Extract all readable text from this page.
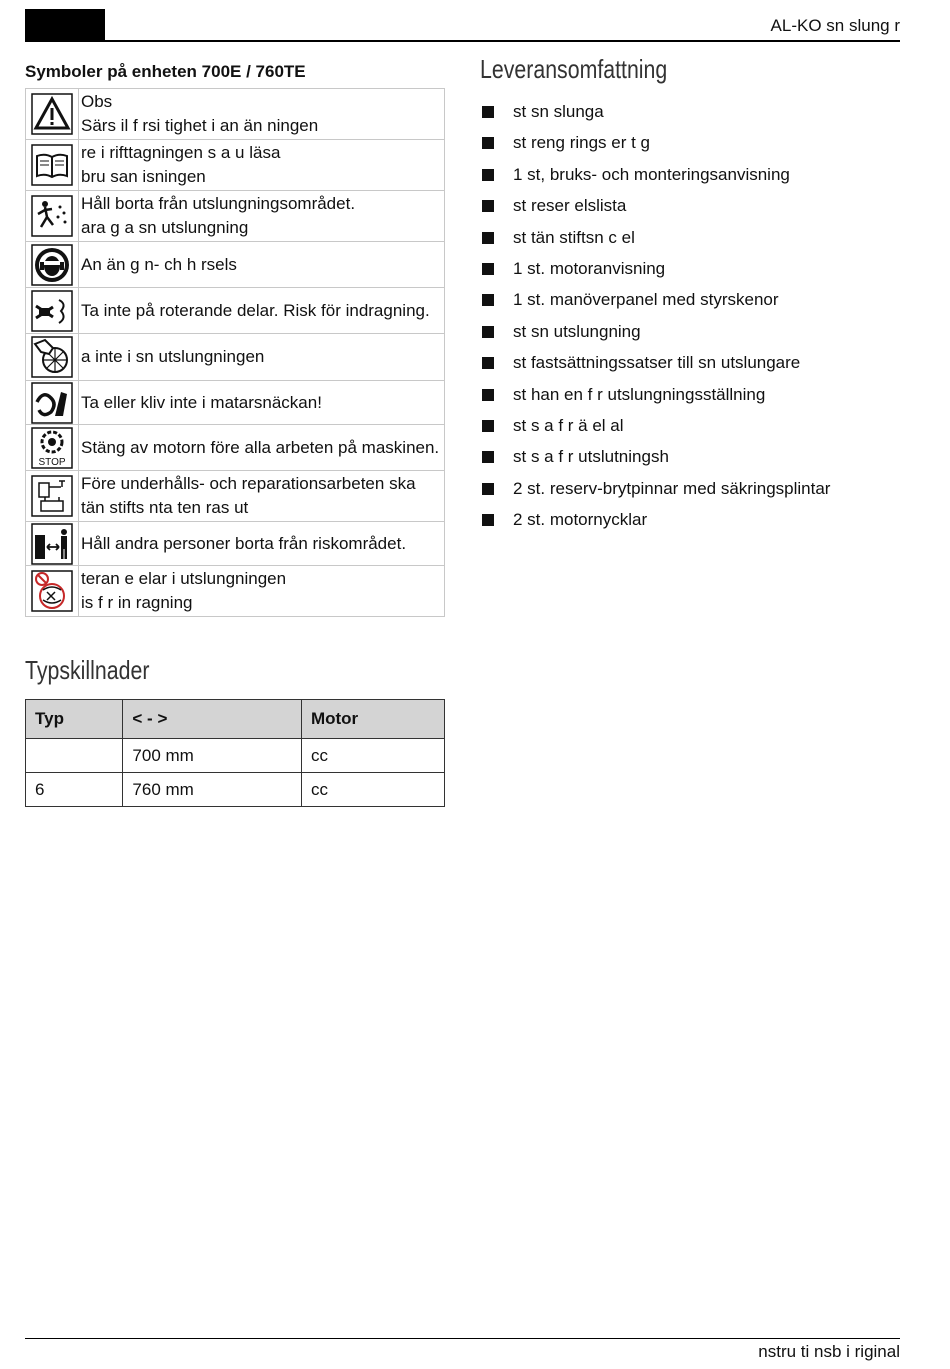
AL-KO sn slung r
Symboler på enheten 700E / 760TE

Obs
Särs il f rsi tighet i an än ningen

re i rifttagningen s a u läsa
bru san isningen

Håll borta från utslungningsområdet.
ara g a sn utslungning

An än g n- ch h rsels

Ta inte på roterande delar. Risk för indragning.

a inte i sn utslungningen

Ta eller kliv inte i matarsnäckan!

STOP	Stäng av motorn före alla arbeten på maskinen.

Före underhålls- och reparationsarbeten ska
tän stifts nta ten ras ut

Håll andra personer borta från riskområdet.

teran e elar i utslungningen
is f r in ragning
Leveransomfattning
st sn slunga
st reng rings er t g
1 st, bruks- och monteringsanvisning
st reser elslista
st tän stiftsn c el
1 st. motoranvisning
1 st. manöverpanel med styrskenor
st sn utslungning
st fastsättningssatser till sn utslungare
st han en f r utslungningsställning
st s a f r ä el al
st s a f r utslutningsh
2 st. reserv-brytpinnar med säkringsplintar
2 st. motornycklar
Typskillnader
Typ	< - >	Motor
	700 mm	cc
6	760 mm	cc
nstru ti nsb i riginal
